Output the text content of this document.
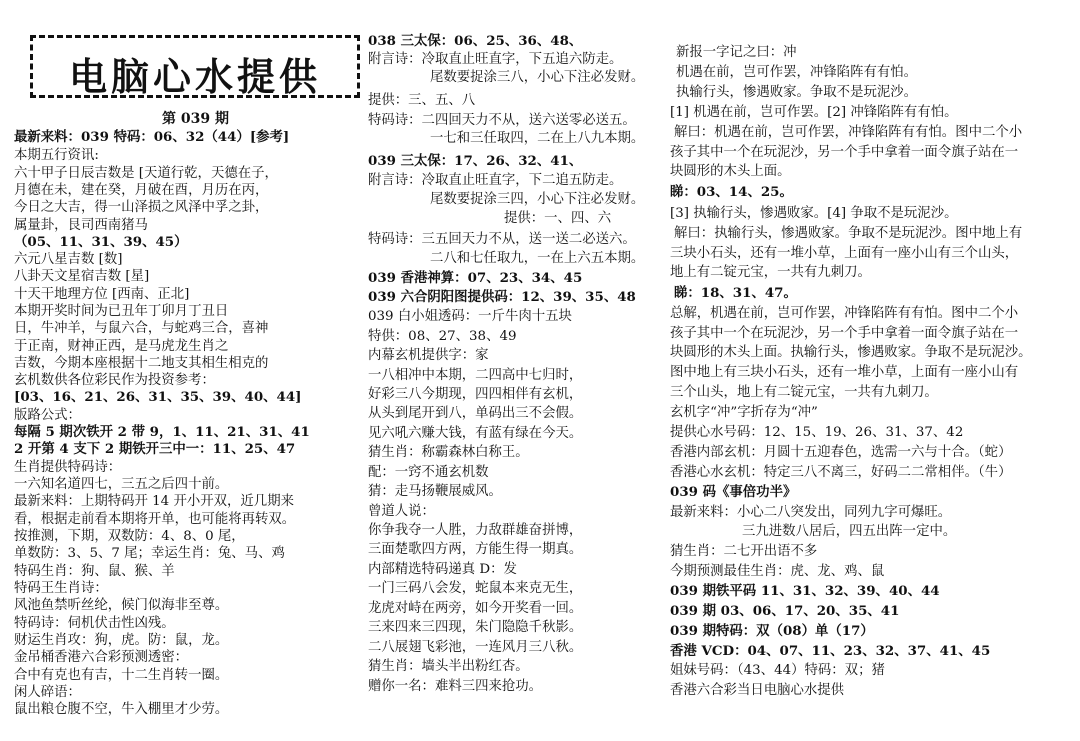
电脑心水提供
第 039 期
最新来料：039 特码：06、32（44）[参考]
本期五行资讯:
六十甲子日辰吉数是 [天道行乾，天德在子，
月德在未，建在癸，月破在酉，月历在丙，
今日之大吉，得一山泽损之风泽中孚之卦，
属量卦，艮司西南猪马
（05、11、31、39、45）
六元八星吉数 [数]
八卦天文星宿吉数 [星]
十天干地理方位 [西南、正北]
本期开奖时间为已丑年丁卯月丁丑日
日，牛冲羊，与鼠六合，与蛇鸡三合，喜神
于正南，财神正西，是马虎龙生肖之
吉数，今期本座根据十二地支其相生相克的
玄机数供各位彩民作为投资参考：
[03、16、21、26、31、35、39、40、44]
版路公式：
每隔 5 期次铁开 2 带 9，1、11、21、31、41
2 开第 4 支下 2 期铁开三中一：11、25、47
生肖提供特码诗：
一六知名道四七，三五之后四十前。
最新来料：上期特码开 14 开小开双，近几期来
看，根据走前看本期将开单，也可能将再转双。
按推测，下期，双数防：4、8、0 尾，
单数防：3、5、7 尾；幸运生肖：兔、马、鸡
特码生肖：狗、鼠、猴、羊
特码王生肖诗：
风池鱼禁听丝纶，候门似海非至尊。
特码诗：伺机伏击性凶残。
财运生肖攻：狗，虎。防：鼠，龙。
金吊桶香港六合彩预测透密：
合中有克也有吉，十二生肖转一圈。
闲人碎语：
鼠出粮仓腹不空，牛入棚里才少劳。
038 三太保：06、25、36、48、
附言诗：冷取直止旺直字，下五追六防走。
尾数要捉涂三八，小心下注必发财。
提供：三、五、八
特码诗：二四回天力不从，送六送零必送五。
一七和三任取四，二在上八九本期。
039 三太保：17、26、32、41、
附言诗：冷取直止旺直字，下二追五防走。
尾数要捉涂三四，小心下注必发财。
提供：一、四、六
特码诗：三五回天力不从，送一送二必送六。
二八和七任取九，一在上六五本期。
039 香港神算：07、23、34、45
039 六合阴阳图提供码：12、39、35、48
039 白小姐透码：一斤牛肉十五块
特供：08、27、38、49
内幕玄机提供字：家
一八相冲中本期，二四高中七归时，
好彩三八今期现，四四相伴有玄机，
从头到尾开到八，单码出三不会假。
见六吼六赚大钱，有蓝有绿在今天。
猜生肖：称霸森林白称王。
配：一窍不通玄机数
猜：走马扬鞭展威风。
曾道人说：
你争我夺一人胜，力敌群雄奋拼博，
三面楚歌四方两，方能生得一期真。
内部精选特码递真 D：发
一门三码八会发，蛇鼠本来克无生，
龙虎对峙在两旁，如今开奖看一回。
三来四来三四现，朱门隐隐千秋影。
二八展翅飞彩池，一连风月三八秋。
猜生肖：墙头半出粉红杏。
赠你一名：难料三四来抢功。
新报一字记之曰：冲
机遇在前，岂可作罢，冲锋陷阵有有怕。
执输行头，惨遇败家。争取不是玩泥沙。
[1] 机遇在前，岂可作罢。[2] 冲锋陷阵有有怕。
解曰：机遇在前，岂可作罢，冲锋陷阵有有怕。图中二个小
孩子其中一个在玩泥沙，另一个手中拿着一面令旗子站在一
块圆形的木头上面。
睇：03、14、25。
[3] 执输行头，惨遇败家。[4] 争取不是玩泥沙。
解曰：执输行头，惨遇败家。争取不是玩泥沙。图中地上有
三块小石头，还有一堆小草，上面有一座小山有三个山头，
地上有二锭元宝，一共有九刺刀。
睇：18、31、47。
总解，机遇在前，岂可作罢，冲锋陷阵有有怕。图中二个小
孩子其中一个在玩泥沙，另一个手中拿着一面令旗子站在一
块圆形的木头上面。执输行头，惨遇败家。争取不是玩泥沙。
图中地上有三块小石头，还有一堆小草，上面有一座小山有
三个山头，地上有二锭元宝，一共有九刺刀。
玄机字“冲”字折存为“冲”
提供心水号码：12、15、19、26、31、37、42
香港内部玄机：月圆十五迎春色，选需一六与十合。（蛇）
香港心水玄机：特定三八不离三，好码二二常相伴。（牛）
039 码《事倍功半》
最新来料：小心二八突发出，同列九字可爆旺。
三九进数八居后，四五出阵一定中。
猜生肖：二七开出语不多
今期预测最佳生肖：虎、龙、鸡、鼠
039 期铁平码 11、31、32、39、40、44
039 期 03、06、17、20、35、41
039 期特码：双（08）单（17）
香港 VCD：04、07、11、23、32、37、41、45
姐妹号码：（43、44）特码：双；猪
香港六合彩当日电脑心水提供
